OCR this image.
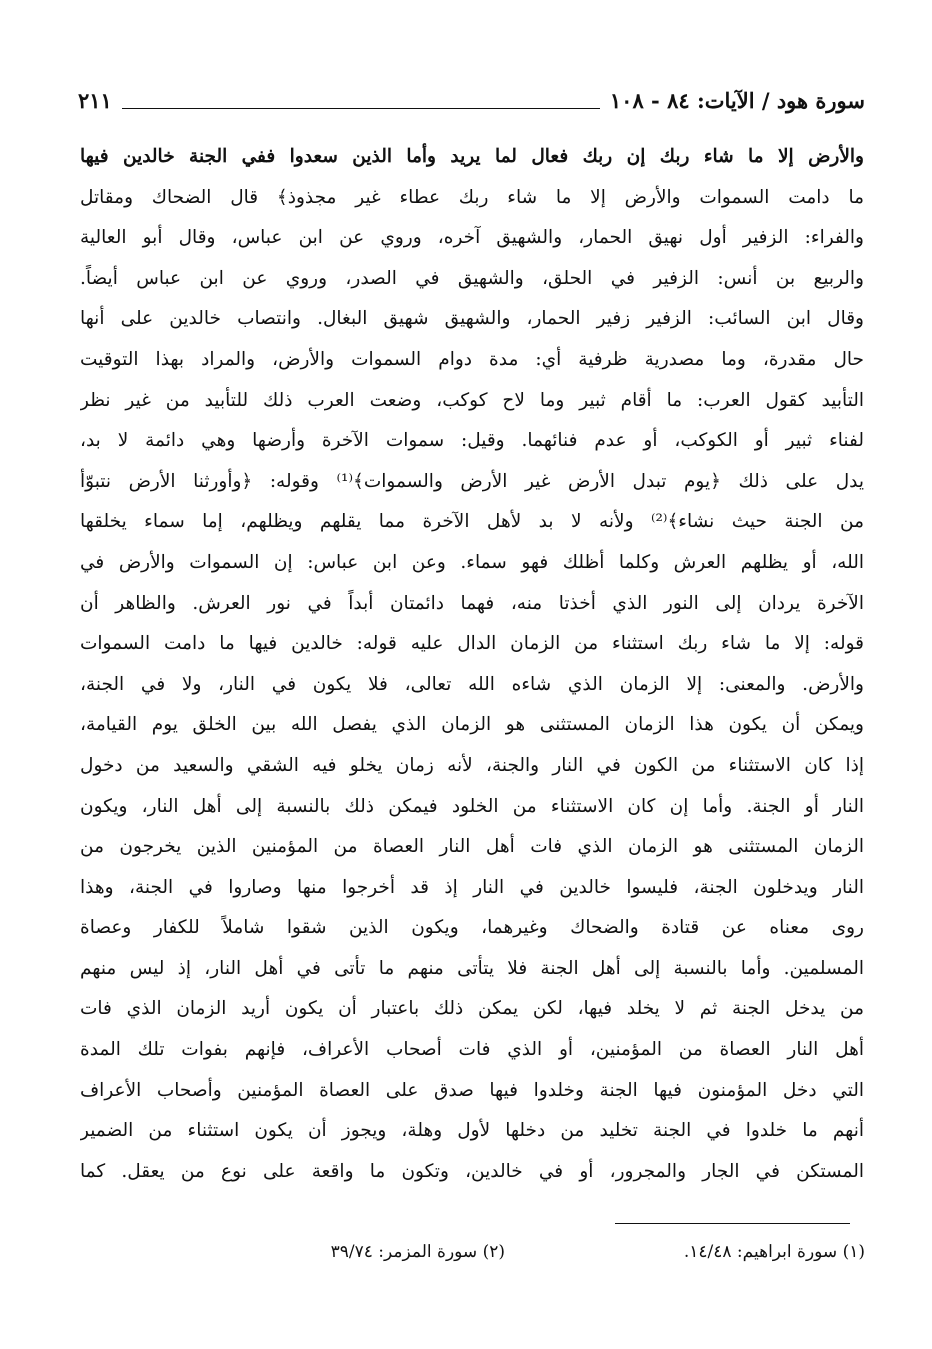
سورة هود / الآيات: ٨٤ - ١٠٨
٢١١
والأرض إلا ما شاء ربك إن ربك فعال لما يريد وأما الذين سعدوا ففي الجنة خالدين فيها
ما دامت السموات والأرض إلا ما شاء ربك عطاء غير مجذوذ﴾ قال الضحاك ومقاتل
والفراء: الزفير أول نهيق الحمار، والشهيق آخره، وروي عن ابن عباس، وقال أبو العالية
والربيع بن أنس: الزفير في الحلق، والشهيق في الصدر، وروي عن ابن عباس أيضاً.
وقال ابن السائب: الزفير زفير الحمار، والشهيق شهيق البغال. وانتصاب خالدين على أنها
حال مقدرة، وما مصدرية ظرفية أي: مدة دوام السموات والأرض، والمراد بهذا التوقيت
التأبيد كقول العرب: ما أقام ثبير وما لاح كوكب، وضعت العرب ذلك للتأبيد من غير نظر
لفناء ثبير أو الكوكب، أو عدم فنائهما. وقيل: سموات الآخرة وأرضها وهي دائمة لا بد،
يدل على ذلك ﴿يوم تبدل الأرض غير الأرض والسموات﴾⁽¹⁾ وقوله: ﴿وأورثنا الأرض نتبوّأ
من الجنة حيث نشاء﴾⁽²⁾ ولأنه لا بد لأهل الآخرة مما يقلهم ويظلهم، إما سماء يخلقها
الله، أو يظلهم العرش وكلما أظلك فهو سماء. وعن ابن عباس: إن السموات والأرض في
الآخرة يردان إلى النور الذي أخذتا منه، فهما دائمتان أبداً في نور العرش. والظاهر أن
قوله: إلا ما شاء ربك استثناء من الزمان الدال عليه قوله: خالدين فيها ما دامت السموات
والأرض. والمعنى: إلا الزمان الذي شاءه الله تعالى، فلا يكون في النار، ولا في الجنة،
ويمكن أن يكون هذا الزمان المستثنى هو الزمان الذي يفصل الله بين الخلق يوم القيامة،
إذا كان الاستثناء من الكون في النار والجنة، لأنه زمان يخلو فيه الشقي والسعيد من دخول
النار أو الجنة. وأما إن كان الاستثناء من الخلود فيمكن ذلك بالنسبة إلى أهل النار، ويكون
الزمان المستثنى هو الزمان الذي فات أهل النار العصاة من المؤمنين الذين يخرجون من
النار ويدخلون الجنة، فليسوا خالدين في النار إذ قد أخرجوا منها وصاروا في الجنة، وهذا
روى معناه عن قتادة والضحاك وغيرهما، ويكون الذين شقوا شاملاً للكفار وعصاة
المسلمين. وأما بالنسبة إلى أهل الجنة فلا يتأتى منهم ما تأتى في أهل النار، إذ ليس منهم
من يدخل الجنة ثم لا يخلد فيها، لكن يمكن ذلك باعتبار أن يكون أريد الزمان الذي فات
أهل النار العصاة من المؤمنين، أو الذي فات أصحاب الأعراف، فإنهم بفوات تلك المدة
التي دخل المؤمنون فيها الجنة وخلدوا فيها صدق على العصاة المؤمنين وأصحاب الأعراف
أنهم ما خلدوا في الجنة تخليد من دخلها لأول وهلة، ويجوز أن يكون استثناء من الضمير
المستكن في الجار والمجرور، أو في خالدين، وتكون ما واقعة على نوع من يعقل. كما
(١) سورة ابراهيم: ١٤/٤٨.
(٢) سورة المزمر: ٣٩/٧٤
